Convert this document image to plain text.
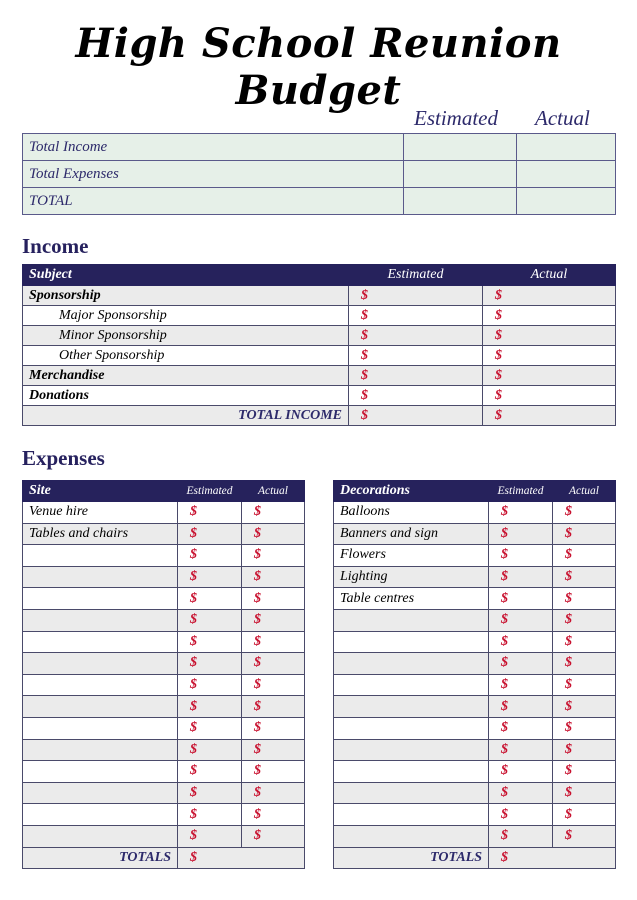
High School Reunion Budget
Estimated Actual
Total Income		
Total Expenses		
TOTAL		
Income
Subject	Estimated	Actual
Sponsorship	$	$
Major Sponsorship	$	$
Minor Sponsorship	$	$
Other Sponsorship	$	$
Merchandise	$	$
Donations	$	$
TOTAL INCOME	$	$
Expenses
Site	Estimated	Actual
Venue hire	$	$
Tables and chairs	$	$
	$	$
	$	$
	$	$
	$	$
	$	$
	$	$
	$	$
	$	$
	$	$
	$	$
	$	$
	$	$
	$	$
	$	$
TOTALS	$	
Decorations	Estimated	Actual
Balloons	$	$
Banners and sign	$	$
Flowers	$	$
Lighting	$	$
Table centres	$	$
	$	$
	$	$
	$	$
	$	$
	$	$
	$	$
	$	$
	$	$
	$	$
	$	$
	$	$
TOTALS	$	
